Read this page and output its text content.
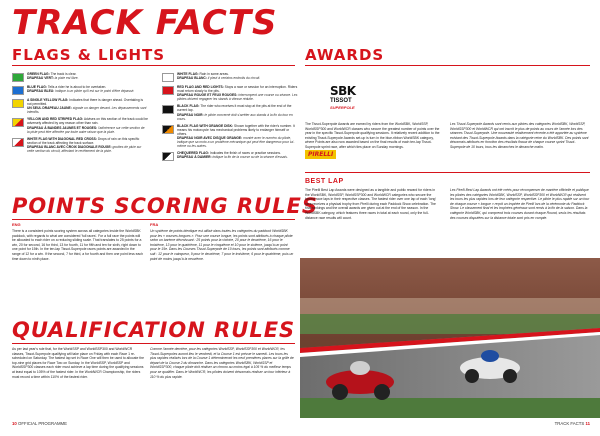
TRACK FACTS
FLAGS & LIGHTS
GREEN FLAG: The track is clear.
DRAPEAU VERT: la piste est libre.
BLUE FLAG: Tells a rider he is about to be overtaken.
DRAPEAU BLEU: indique à un pilote qu'il est sur le point d'être dépassé.
A SINGLE YELLOW FLAG: Indicates that there is danger ahead. Overtaking is not permitted.
UN SEUL DRAPEAU JAUNE: signale un danger devant. Les dépassements sont interdits.
YELLOW AND RED STRIPED FLAG: Advises on this section of the track could be adversely affected by any reason other than rain.
DRAPEAU À BANDES JAUNES ET ROUGES: l'adhérence sur cette section de la piste peut être affectée par toute autre raison que la pluie.
WHITE FLAG WITH DIAGONAL RED CROSS: Drops of rain on this specific section of the track affecting the track surface.
DRAPEAU BLANC AVEC CROIX DIAGONALE ROUGE: gouttes de pluie sur cette section du circuit, affectant le revêtement de la piste.
WHITE FLAG: Rain in some areas.
DRAPEAU BLANC: il pleut à certains endroits du circuit.
RED FLAG AND RED LIGHTS: Stops a race or session for an interruption. Riders must return slowly to the pits.
DRAPEAU ROUGE ET FEUX ROUGES: interrompent une course ou séance. Les pilotes doivent regagner les stands à vitesse réduite.
BLACK FLAG: The rider who receives it must stop at the pits at the end of the current lap.
DRAPEAU NOIR: le pilote concerné doit s'arrêter aux stands à la fin du tour en cours.
BLACK FLAG WITH ORANGE DISK: Shown together with the rider's number. It means his motorcycle has mechanical problems likely to endanger himself or others.
DRAPEAU NOIR AVEC DISQUE ORANGE: montré avec le numéro du pilote, indique que sa moto a un problème mécanique qui peut être dangereux pour lui-même ou les autres.
CHEQUERED FLAG: Indicates the finish of races or practice sessions.
DRAPEAU À DAMIER: indique la fin de la course ou de la séance d'essais.
POINTS SCORING RULES
ENG	FRA
There is a consistent points scoring system across all categories inside the WorldSBK paddock, with regards to what are considered 'full races'. For a full race the points will be allocated to each rider on a reducing sliding scale. That translates to 25 points for a win, 20 for second, 16 for third, 13 for fourth, 11 for fifth and ten for sixth, right down to one point for 15th. In the ten-lap Tissot-Superpole races points are awarded in the range of 12 for a win. If the second, 7 for third, a for fourth and then one point less each time down to ninth place.
Un système de points identique est utilisé dans toutes les catégories du paddock WorldSBK pour les « courses longues ». Pour une course longue, les points sont attribués à chaque pilote selon un barème décroissant : 25 points pour la victoire, 20 pour le deuxième, 16 pour le troisième, 13 pour le quatrième, 11 pour le cinquième et 10 pour le sixième, jusqu'à un point pour le 15e. Dans les Courses Tissot-Superpole de 10 tours, les points sont attribués comme suit : 12 pour le vainqueur, 9 pour le deuxième, 7 pour le troisième, 6 pour le quatrième, puis un point de moins jusqu'à la neuvième.
QUALIFICATION RULES
As per last year's rule that, for the WorldSSP and WorldSSP300 and WorldWCR classes, Tissot-Superpole qualifying will take place on Friday with each Race 1 re-scheduled on Saturday. The fastest lap set in Race One will then be used to allocate the top-nine grid places for Race Two on Sunday. In the WorldSSP, WorldSSP and WorldSSP300 classes each rider must achieve a lap time during the qualifying sessions at least equal to 105% of the fastest rider. In the WorldWCR Championship, the riders must record a time within 110% of the fastest rider.
Comme l'année dernière, pour les catégories WorldSSP, WorldSSP300 et WorldWCR, les Tissot-Superpoles auront lieu le vendredi, et la Course 1 est prévue le samedi. Les tours les plus rapides réalisés lors de la Course 1 détermineront les neuf premières places sur la grille de départ de la Course 2 du dimanche. Dans les catégories WorldSBK, WorldSSP et WorldSSP300, chaque pilote doit réaliser un chrono au moins égal à 105 % du meilleur temps pour se qualifier. Dans le WorldWCR, les pilotes doivent désormais réaliser un tour inférieur à 110 % du plus rapide.
AWARDS
SBK
TISSOT
SUPERPOLE
The Tissot-Superpole Awards are earned by riders from the WorldSBK, WorldSSP, WorldSSP300 and WorldWCR classes who secure the greatest number of points over the year in the specific Tissot-Superpole qualifying sessions. It relatively recent addition to the existing Tissot-Superpole Awards set-up is turn in the blue-ribbon WorldSBK category, where Points are also now awarded based on the final results of each ten-lap Tissot-Superpole sprint race, after which ties place on Sunday mornings.
Les Tissot-Superpole Awards sont remis aux pilotes des catégories WorldSBK, WorldSSP, WorldSSP300 et WorldWCR qui ont inscrit le plus de points au cours de l'année lors des séances Tissot-Superpole. Une nouveauté relativement récente a été apportée au système existant des Tissot-Superpole Awards dans la catégorie reine du WorldSBK. Des points sont désormais attribués en fonction des résultats finaux de chaque course sprint Tissot-Superpole de 10 tours, tous les dimanches le dimanche matin.
PIRELLI
BEST LAP
The Pirelli Best Lap Awards were designed as a tangible and public reward for riders in the WorldSBK, WorldSSP, WorldSSP300 and WorldWCR categories who secure the fastest race laps in their respective classes. The fastest rider over one lap of each 'long' race receives a physical trophy from Pirelli during each Paddock Show celebration. The final rankings and the overall awards are given out at the end of the season. In the WorldSBK category, which features three races in total at each round, only the full-distance race results will count.
Les Pirelli Best Lap Awards ont été créés pour récompenser de manière officielle et publique les pilotes des catégories WorldSBK, WorldSSP, WorldSSP300 et WorldWCR qui réalisent les tours les plus rapides lors de leur catégorie respective. Le pilote le plus rapide sur un tour de chaque course « longue » reçoit un trophée de Pirelli lors de la cérémonie du Paddock Show. Le classement final et les trophées généraux sont remis à la fin de la saison. Dans la catégorie WorldSBK, qui comprend trois courses durant chaque Round, seuls les résultats des courses disputées sur la distance totale sont pris en compte.
10 OFFICIAL PROGRAMME	TRACK FACTS 11
